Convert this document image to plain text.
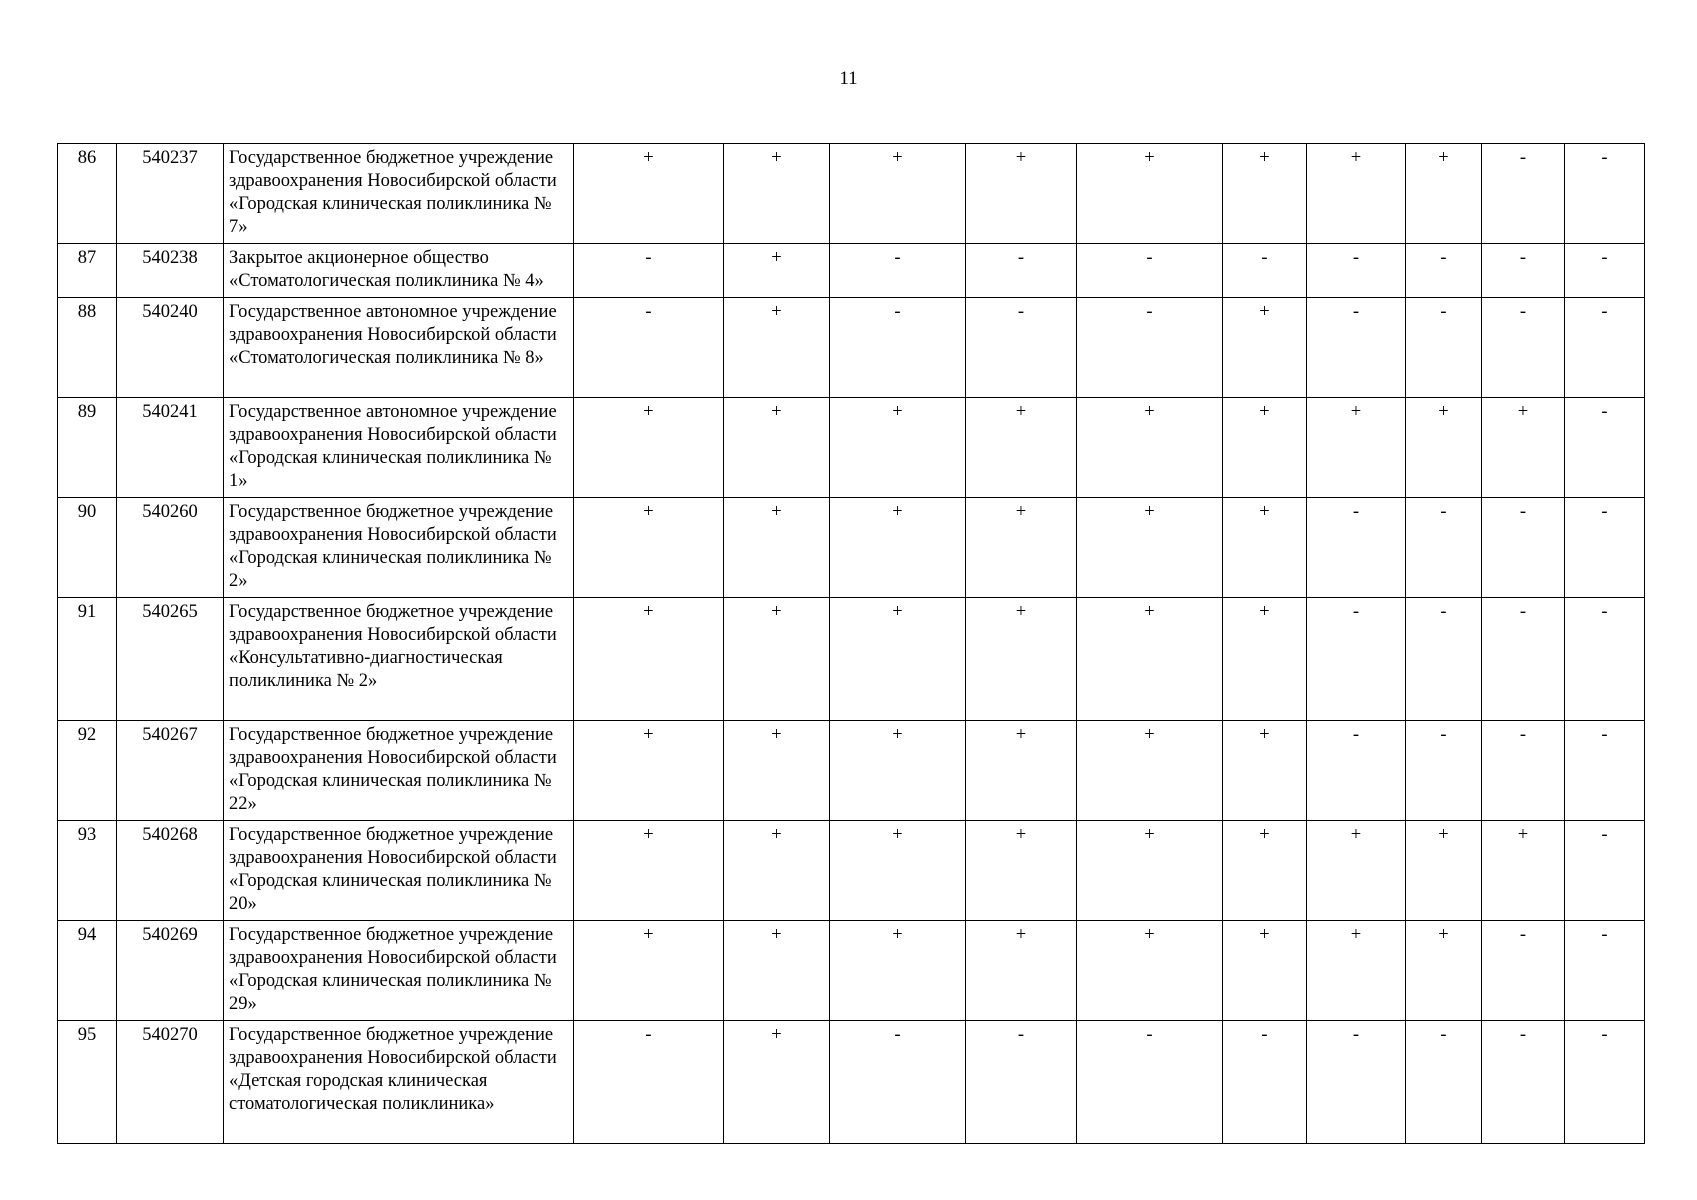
11
86	540237	Государственное бюджетное учреждение здравоохранения Новосибирской области «Городская клиническая поликлиника № 7»	+	+	+	+	+	+	+	+	-	-
87	540238	Закрытое акционерное общество «Стоматологическая поликлиника № 4»	-	+	-	-	-	-	-	-	-	-
88	540240	Государственное автономное учреждение здравоохранения Новосибирской области «Стоматологическая поликлиника № 8»	-	+	-	-	-	+	-	-	-	-
89	540241	Государственное автономное учреждение здравоохранения Новосибирской области «Городская клиническая поликлиника № 1»	+	+	+	+	+	+	+	+	+	-
90	540260	Государственное бюджетное учреждение здравоохранения Новосибирской области «Городская клиническая поликлиника № 2»	+	+	+	+	+	+	-	-	-	-
91	540265	Государственное бюджетное учреждение здравоохранения Новосибирской области «Консультативно-диагностическая поликлиника № 2»	+	+	+	+	+	+	-	-	-	-
92	540267	Государственное бюджетное учреждение здравоохранения Новосибирской области «Городская клиническая поликлиника № 22»	+	+	+	+	+	+	-	-	-	-
93	540268	Государственное бюджетное учреждение здравоохранения Новосибирской области «Городская клиническая поликлиника № 20»	+	+	+	+	+	+	+	+	+	-
94	540269	Государственное бюджетное учреждение здравоохранения Новосибирской области «Городская клиническая поликлиника № 29»	+	+	+	+	+	+	+	+	-	-
95	540270	Государственное бюджетное учреждение здравоохранения Новосибирской области «Детская городская клиническая стоматологическая поликлиника»	-	+	-	-	-	-	-	-	-	-
